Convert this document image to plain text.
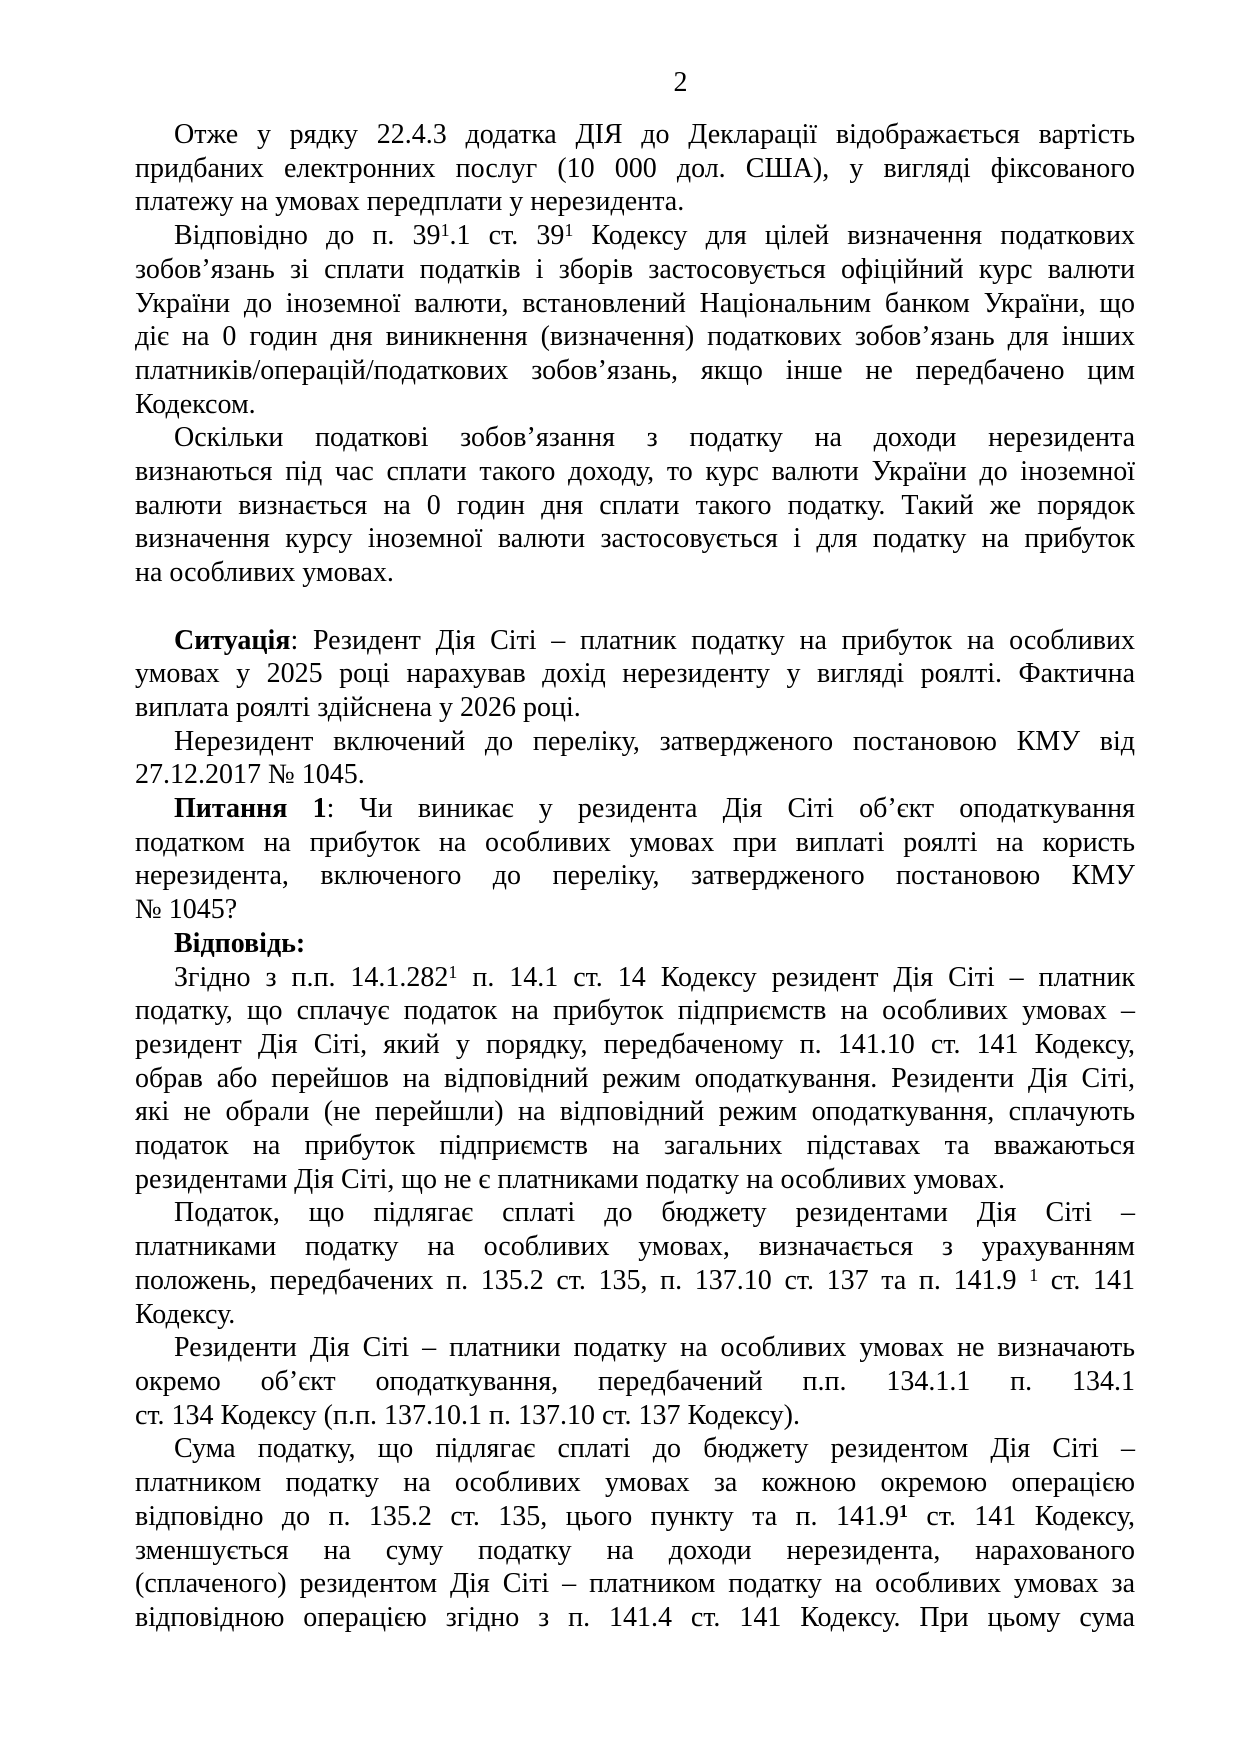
2
Отже у рядку 22.4.3 додатка ДІЯ до Декларації відображається вартість
придбаних електронних послуг (10 000 дол. США), у вигляді фіксованого
платежу на умовах передплати у нерезидента.
Відповідно до п. $39^1.1$ ст. $39^1$ Кодексу для цілей визначення податкових
зобов’язань зі сплати податків і зборів застосовується офіційний курс валюти
України до іноземної валюти, встановлений Національним банком України, що
діє на 0 годин дня виникнення (визначення) податкових зобов’язань для інших
платників/операцій/податкових зобов’язань, якщо інше не передбачено цим
Кодексом.
Оскільки податкові зобов’язання з податку на доходи нерезидента
визнаються під час сплати такого доходу, то курс валюти України до іноземної
валюти визнається на 0 годин дня сплати такого податку. Такий же порядок
визначення курсу іноземної валюти застосовується і для податку на прибуток
на особливих умовах.
Ситуація: Резидент Дія Сіті – платник податку на прибуток на особливих
умовах у 2025 році нарахував дохід нерезиденту у вигляді роялті. Фактична
виплата роялті здійснена у 2026 році.
Нерезидент включений до переліку, затвердженого постановою КМУ від
27.12.2017 № 1045.
Питання 1: Чи виникає у резидента Дія Сіті об’єкт оподаткування
податком на прибуток на особливих умовах при виплаті роялті на користь
нерезидента, включеного до переліку, затвердженого постановою КМУ
№ 1045?
Відповідь:
Згідно з п.п. 14.1.282$^1$ п. 14.1 ст. 14 Кодексу резидент Дія Сіті – платник
податку, що сплачує податок на прибуток підприємств на особливих умовах –
резидент Дія Сіті, який у порядку, передбаченому п. 141.10 ст. 141 Кодексу,
обрав або перейшов на відповідний режим оподаткування. Резиденти Дія Сіті,
які не обрали (не перейшли) на відповідний режим оподаткування, сплачують
податок на прибуток підприємств на загальних підставах та вважаються
резидентами Дія Сіті, що не є платниками податку на особливих умовах.
Податок, що підлягає сплаті до бюджету резидентами Дія Сіті –
платниками податку на особливих умовах, визначається з урахуванням
положень, передбачених п. 135.2 ст. 135, п. 137.10 ст. 137 та п. 141.9 $^1$ ст. 141
Кодексу.
Резиденти Дія Сіті – платники податку на особливих умовах не визначають
окремо об’єкт оподаткування, передбачений п.п. 134.1.1 п. 134.1
ст. 134 Кодексу (п.п. 137.10.1 п. 137.10 ст. 137 Кодексу).
Сума податку, що підлягає сплаті до бюджету резидентом Дія Сіті –
платником податку на особливих умовах за кожною окремою операцією
відповідно до п. 135.2 ст. 135, цього пункту та п. 141.9$^1$ ст. 141 Кодексу,
зменшується на суму податку на доходи нерезидента, нарахованого
(сплаченого) резидентом Дія Сіті – платником податку на особливих умовах за
відповідною операцією згідно з п. 141.4 ст. 141 Кодексу. При цьому сума
